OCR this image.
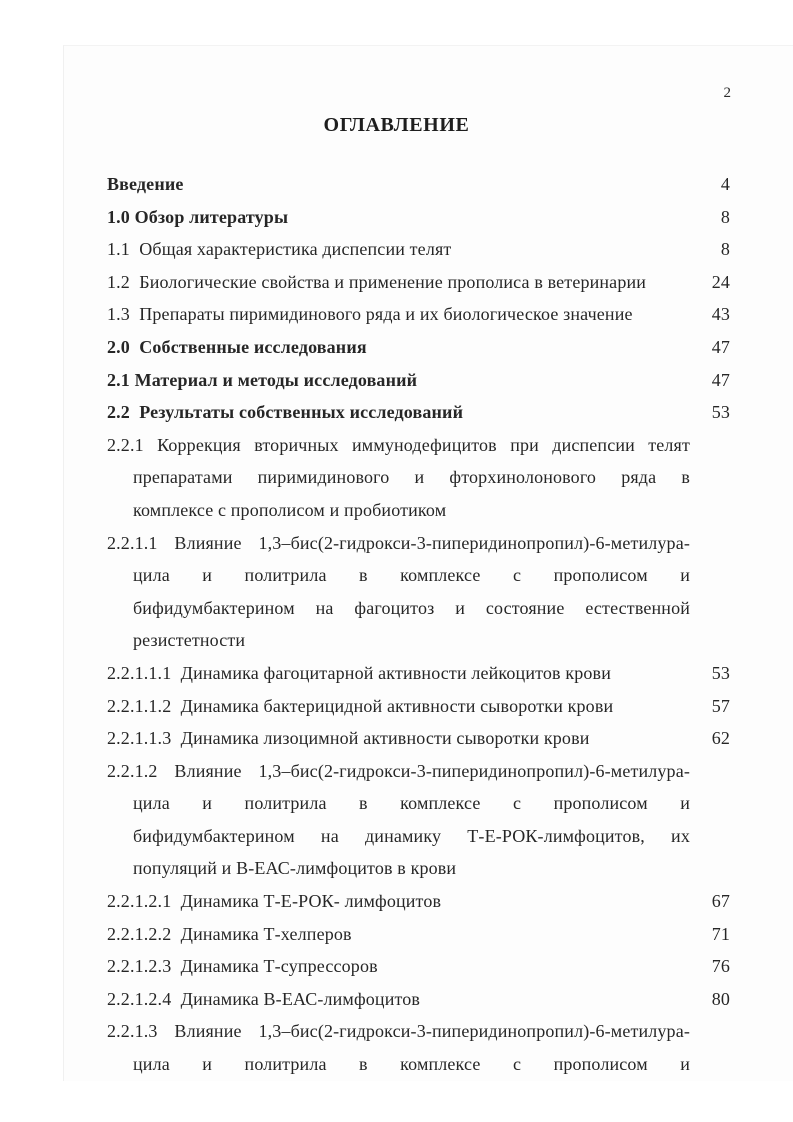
2
ОГЛАВЛЕНИЕ
Введение	4
1.0 Обзор литературы	8
1.1  Общая характеристика диспепсии телят	8
1.2  Биологические свойства и применение прополиса в ветеринарии	24
1.3  Препараты пиримидинового ряда и их биологическое значение	43
2.0  Собственные исследования	47
2.1 Материал и методы исследований	47
2.2  Результаты собственных исследований	53
2.2.1 Коррекция вторичных иммунодефицитов при диспепсии телят
препаратами пиримидинового и фторхинолонового ряда в
комплексе с прополисом и пробиотиком
2.2.1.1 Влияние 1,3–бис(2-гидрокси-3-пиперидинопропил)-6-метилура-
цила и политрила в комплексе с прополисом и
бифидумбактерином на фагоцитоз и состояние естественной
резистетности
2.2.1.1.1  Динамика фагоцитарной активности лейкоцитов крови	53
2.2.1.1.2  Динамика бактерицидной активности сыворотки крови	57
2.2.1.1.3  Динамика лизоцимной активности сыворотки крови	62
2.2.1.2 Влияние 1,3–бис(2-гидрокси-3-пиперидинопропил)-6-метилура-
цила и политрила в комплексе с прополисом и
бифидумбактерином на динамику Т-Е-РОК-лимфоцитов, их
популяций и В-ЕАС-лимфоцитов в крови
2.2.1.2.1  Динамика Т-Е-РОК- лимфоцитов	67
2.2.1.2.2  Динамика Т-хелперов	71
2.2.1.2.3  Динамика Т-супрессоров	76
2.2.1.2.4  Динамика В-ЕАС-лимфоцитов	80
2.2.1.3 Влияние 1,3–бис(2-гидрокси-3-пиперидинопропил)-6-метилура-
цила и политрила в комплексе с прополисом и
